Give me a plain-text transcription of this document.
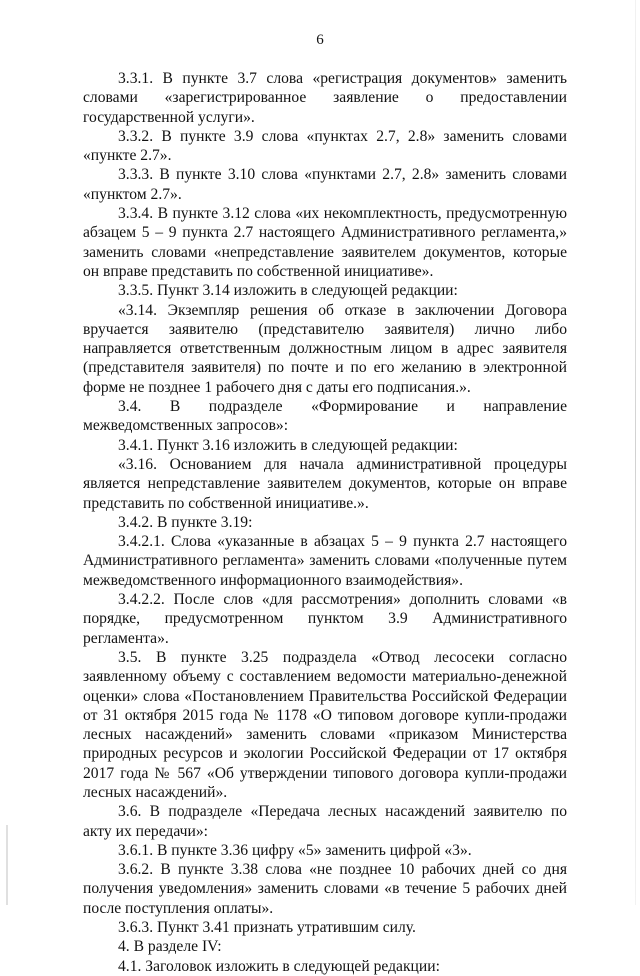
6

3.3.1. В пункте 3.7 слова «регистрация документов» заменить словами «зарегистрированное заявление о предоставлении государственной услуги».

3.3.2. В пункте 3.9 слова «пунктах 2.7, 2.8» заменить словами «пункте 2.7».

3.3.3. В пункте 3.10 слова «пунктами 2.7, 2.8» заменить словами «пунктом 2.7».

3.3.4. В пункте 3.12 слова «их некомплектность, предусмотренную абзацем 5 – 9 пункта 2.7 настоящего Административного регламента,» заменить словами «непредставление заявителем документов, которые он вправе представить по собственной инициативе».

3.3.5. Пункт 3.14 изложить в следующей редакции:

«3.14. Экземпляр решения об отказе в заключении Договора вручается заявителю (представителю заявителя) лично либо направляется ответственным должностным лицом в адрес заявителя (представителя заявителя) по почте и по его желанию в электронной форме не позднее 1 рабочего дня с даты его подписания.».

3.4. В подразделе «Формирование и направление межведомственных запросов»:

3.4.1. Пункт 3.16 изложить в следующей редакции:

«3.16. Основанием для начала административной процедуры является непредставление заявителем документов, которые он вправе представить по собственной инициативе.».

3.4.2. В пункте 3.19:

3.4.2.1. Слова «указанные в абзацах 5 – 9 пункта 2.7 настоящего Административного регламента» заменить словами «полученные путем межведомственного информационного взаимодействия».

3.4.2.2. После слов «для рассмотрения» дополнить словами «в порядке, предусмотренном пунктом 3.9 Административного регламента».

3.5. В пункте 3.25 подраздела «Отвод лесосеки согласно заявленному объему с составлением ведомости материально-денежной оценки» слова «Постановлением Правительства Российской Федерации от 31 октября 2015 года № 1178 «О типовом договоре купли-продажи лесных насаждений» заменить словами «приказом Министерства природных ресурсов и экологии Российской Федерации от 17 октября 2017 года № 567 «Об утверждении типового договора купли-продажи лесных насаждений».

3.6. В подразделе «Передача лесных насаждений заявителю по акту их передачи»:

3.6.1. В пункте 3.36 цифру «5» заменить цифрой «3».

3.6.2. В пункте 3.38 слова «не позднее 10 рабочих дней со дня получения уведомления» заменить словами «в течение 5 рабочих дней после поступления оплаты».

3.6.3. Пункт 3.41 признать утратившим силу.

4. В разделе IV:

4.1. Заголовок изложить в следующей редакции:
